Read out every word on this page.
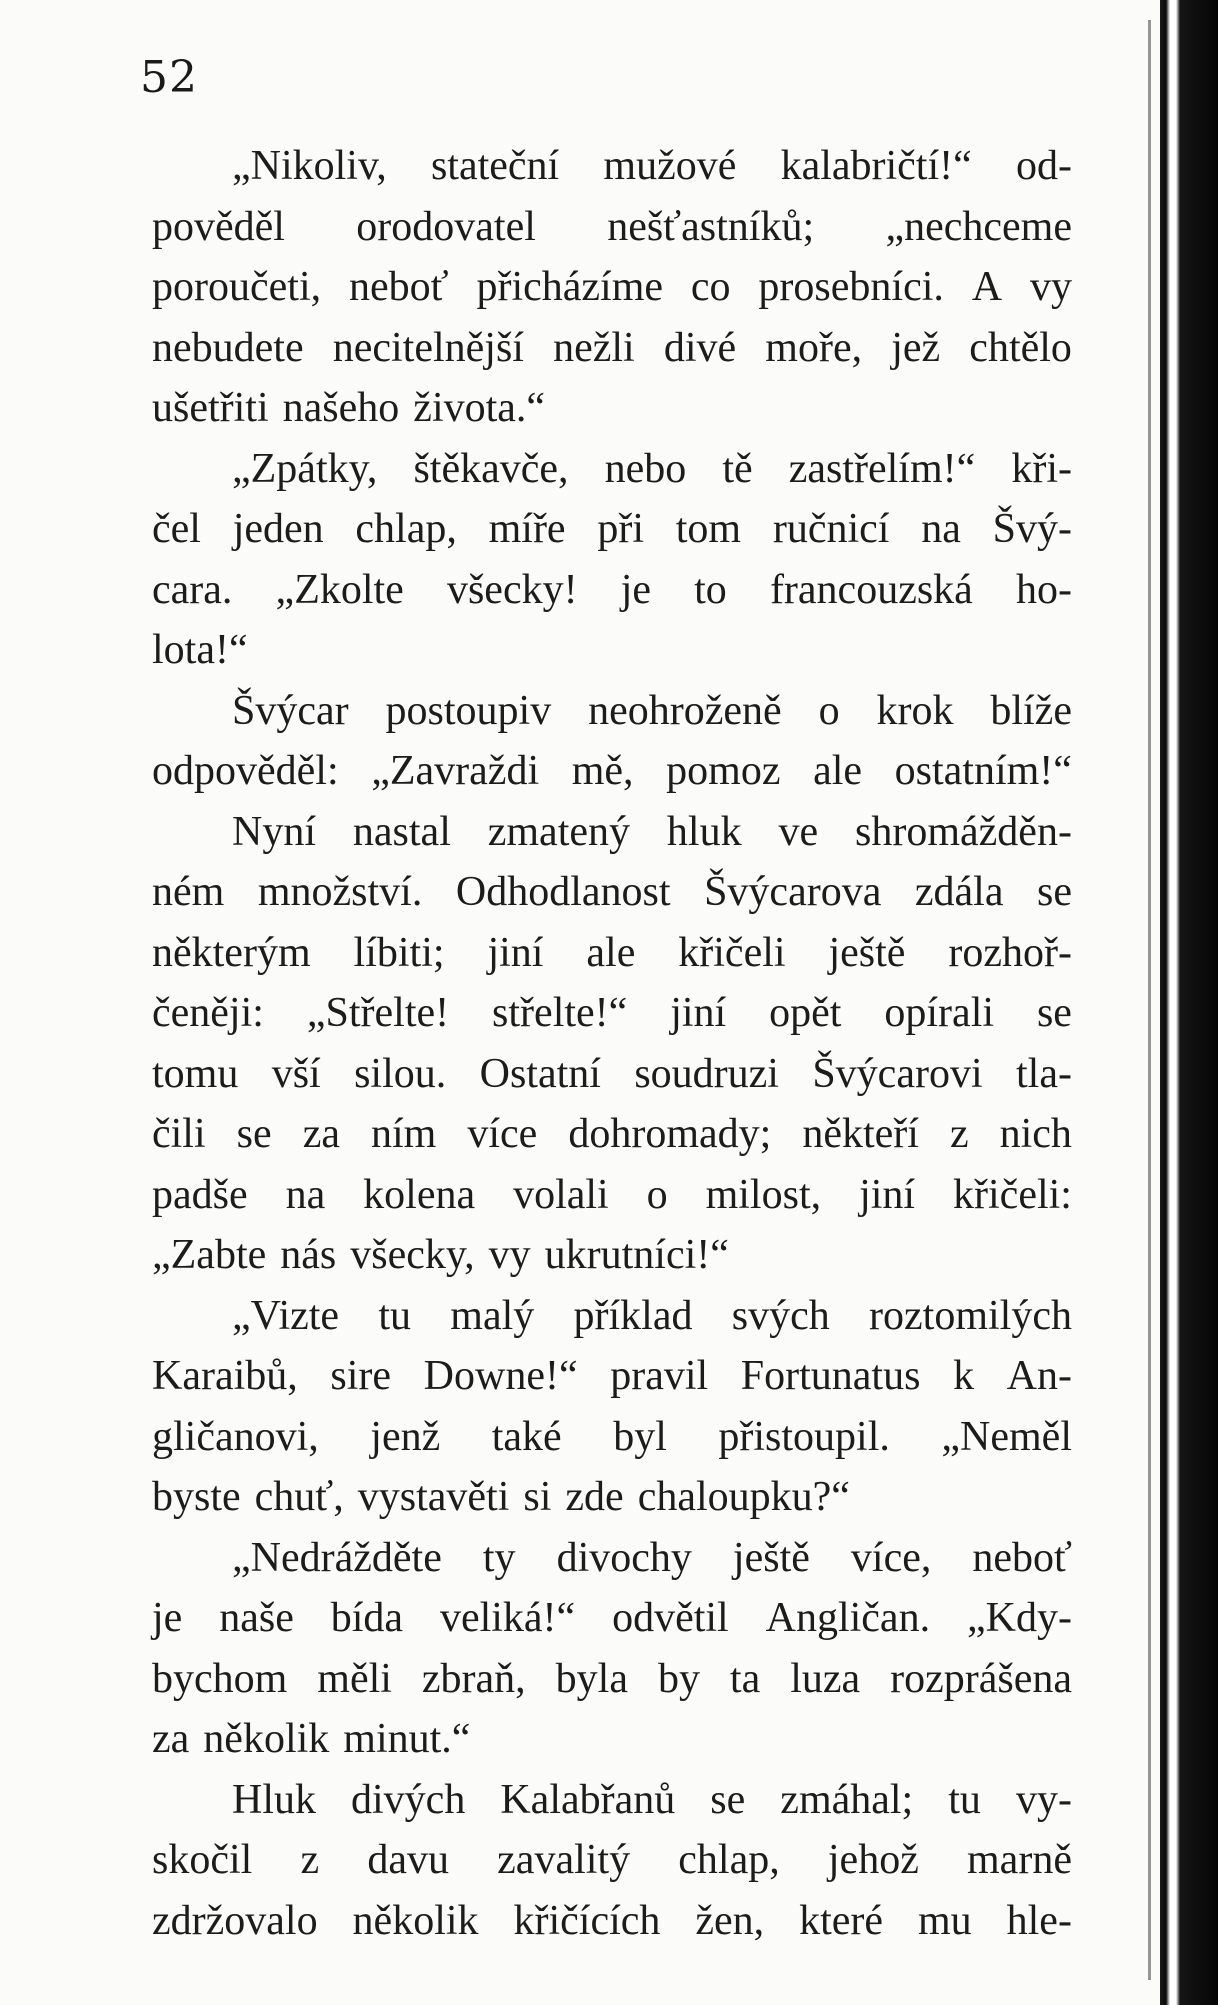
52
„Nikoliv, stateční mužové kalabričtí!“ od-
pověděl orodovatel nešťastníků; „nechceme
poroučeti, neboť přicházíme co prosebníci. A vy
nebudete necitelnější nežli divé moře, jež chtělo
ušetřiti našeho života.“
„Zpátky, štěkavče, nebo tě zastřelím!“ kři-
čel jeden chlap, míře při tom ručnicí na Švý-
cara. „Zkolte všecky! je to francouzská ho-
lota!“
Švýcar postoupiv neohroženě o krok blíže
odpověděl: „Zavraždi mě, pomoz ale ostatním!“
Nyní nastal zmatený hluk ve shromážděn-
ném množství. Odhodlanost Švýcarova zdála se
některým líbiti; jiní ale křičeli ještě rozhoř-
čeněji: „Střelte! střelte!“ jiní opět opírali se
tomu vší silou. Ostatní soudruzi Švýcarovi tla-
čili se za ním více dohromady; někteří z nich
padše na kolena volali o milost, jiní křičeli:
„Zabte nás všecky, vy ukrutníci!“
„Vizte tu malý příklad svých roztomilých
Karaibů, sire Downe!“ pravil Fortunatus k An-
gličanovi, jenž také byl přistoupil. „Neměl
byste chuť, vystavěti si zde chaloupku?“
„Nedrážděte ty divochy ještě více, neboť
je naše bída veliká!“ odvětil Angličan. „Kdy-
bychom měli zbraň, byla by ta luza rozprášena
za několik minut.“
Hluk divých Kalabřanů se zmáhal; tu vy-
skočil z davu zavalitý chlap, jehož marně
zdržovalo několik křičících žen, které mu hle-
